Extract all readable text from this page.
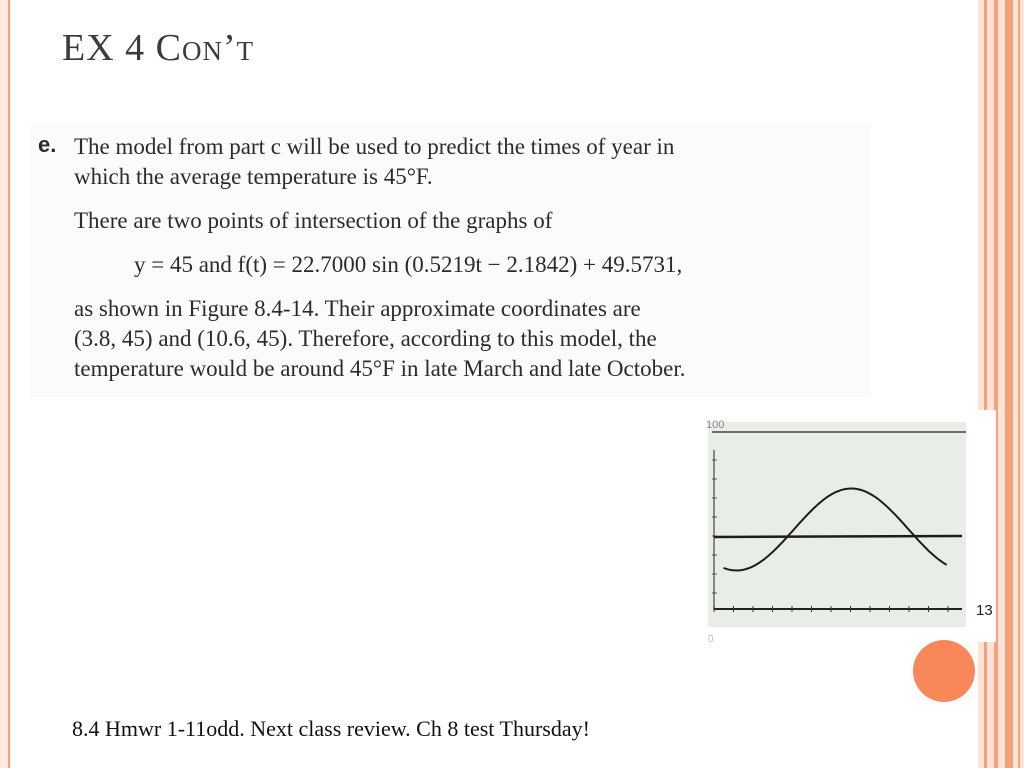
EX 4 CON’T
e. The model from part c will be used to predict the times of year in
which the average temperature is 45°F.
There are two points of intersection of the graphs of
y = 45 and f(t) = 22.7000 sin (0.5219t − 2.1842) + 49.5731,
as shown in Figure 8.4-14. Their approximate coordinates are
(3.8, 45) and (10.6, 45). Therefore, according to this model, the
temperature would be around 45°F in late March and late October.
100
0
13
8.4 Hmwr 1-11odd. Next class review. Ch 8 test Thursday!
